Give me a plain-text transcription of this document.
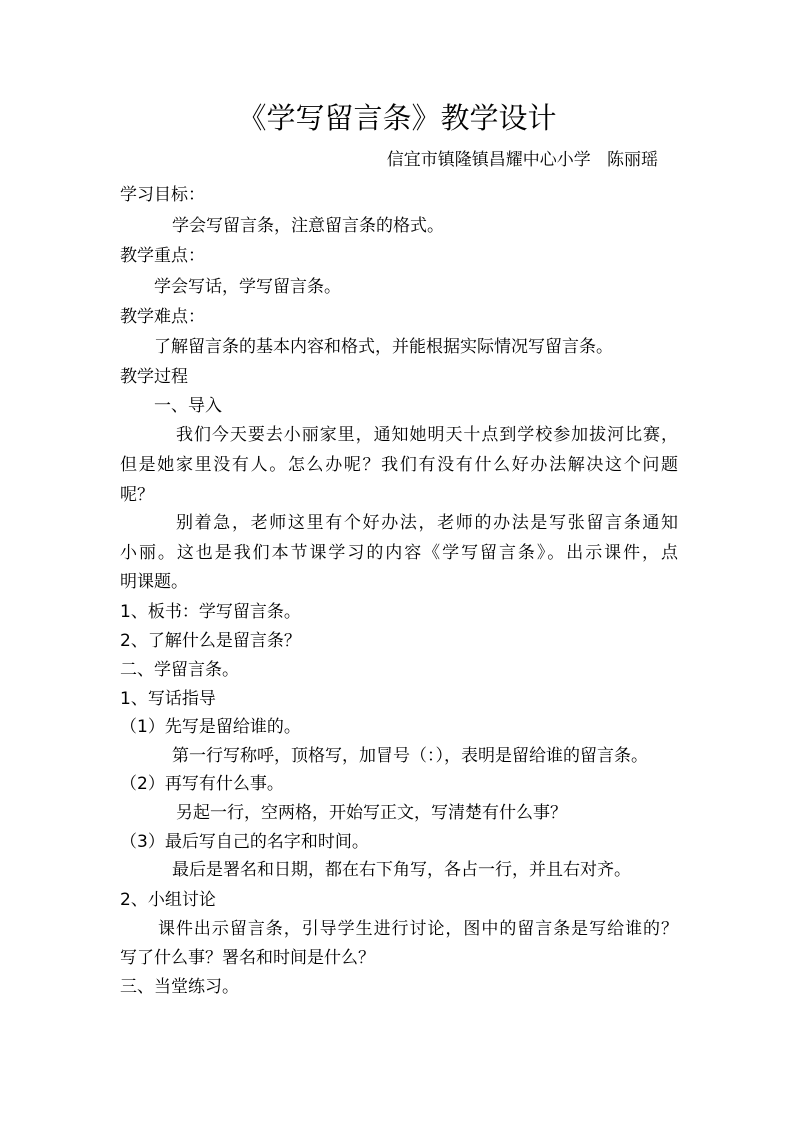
《学写留言条》教学设计
信宜市镇隆镇昌耀中心小学   陈丽瑶
学习目标：
学会写留言条，注意留言条的格式。
教学重点：
学会写话，学写留言条。
教学难点：
了解留言条的基本内容和格式，并能根据实际情况写留言条。
教学过程
一、导入
我们今天要去小丽家里，通知她明天十点到学校参加拔河比赛，
但是她家里没有人。怎么办呢？我们有没有什么好办法解决这个问题
呢？
别着急，老师这里有个好办法，老师的办法是写张留言条通知
小丽。这也是我们本节课学习的内容《学写留言条》。出示课件，点
明课题。
1、板书：学写留言条。
2、了解什么是留言条？
二、学留言条。
1、写话指导
（1）先写是留给谁的。
第一行写称呼，顶格写，加冒号（：），表明是留给谁的留言条。
（2）再写有什么事。
另起一行，空两格，开始写正文，写清楚有什么事？
（3）最后写自己的名字和时间。
最后是署名和日期，都在右下角写，各占一行，并且右对齐。
2、小组讨论
课件出示留言条，引导学生进行讨论，图中的留言条是写给谁的？
写了什么事？署名和时间是什么？
三、当堂练习。
